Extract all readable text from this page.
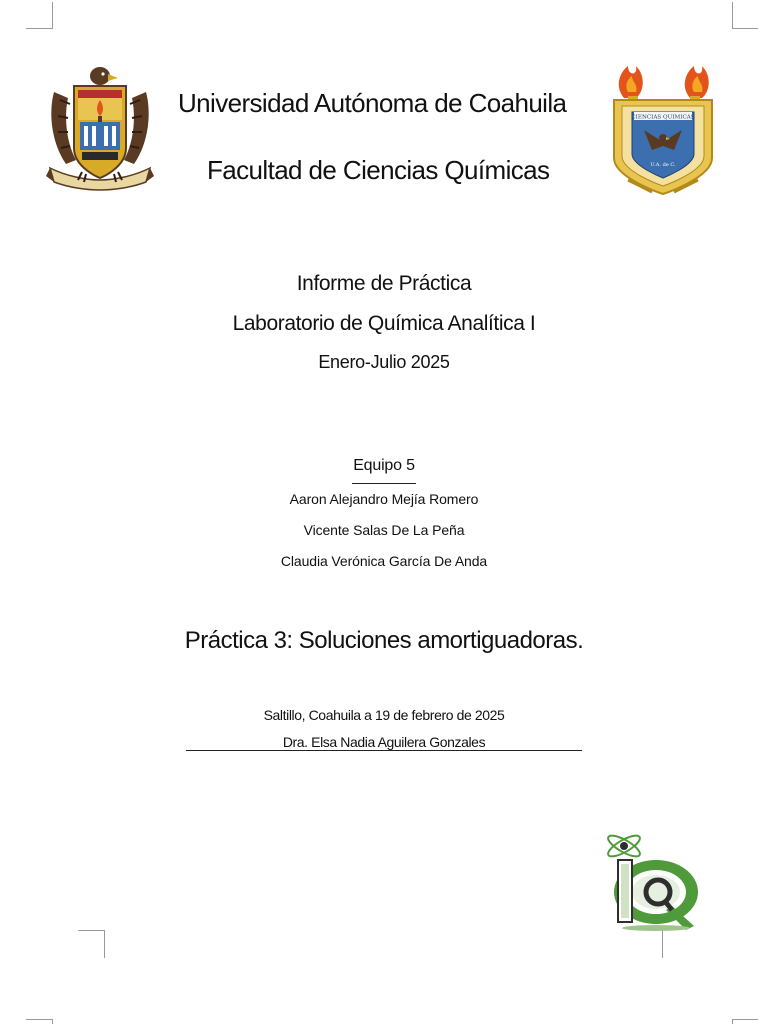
CIENCIAS QUIMICAS
U.A. de C.
Universidad Autónoma de Coahuila
Facultad de Ciencias Químicas
Informe de Práctica
Laboratorio de Química Analítica I
Enero-Julio 2025
Equipo 5
Aaron Alejandro Mejía Romero
Vicente Salas De La Peña
Claudia Verónica García De Anda
Práctica 3: Soluciones amortiguadoras.
Saltillo, Coahuila a 19 de febrero de 2025
Dra. Elsa Nadia Aguilera Gonzales
